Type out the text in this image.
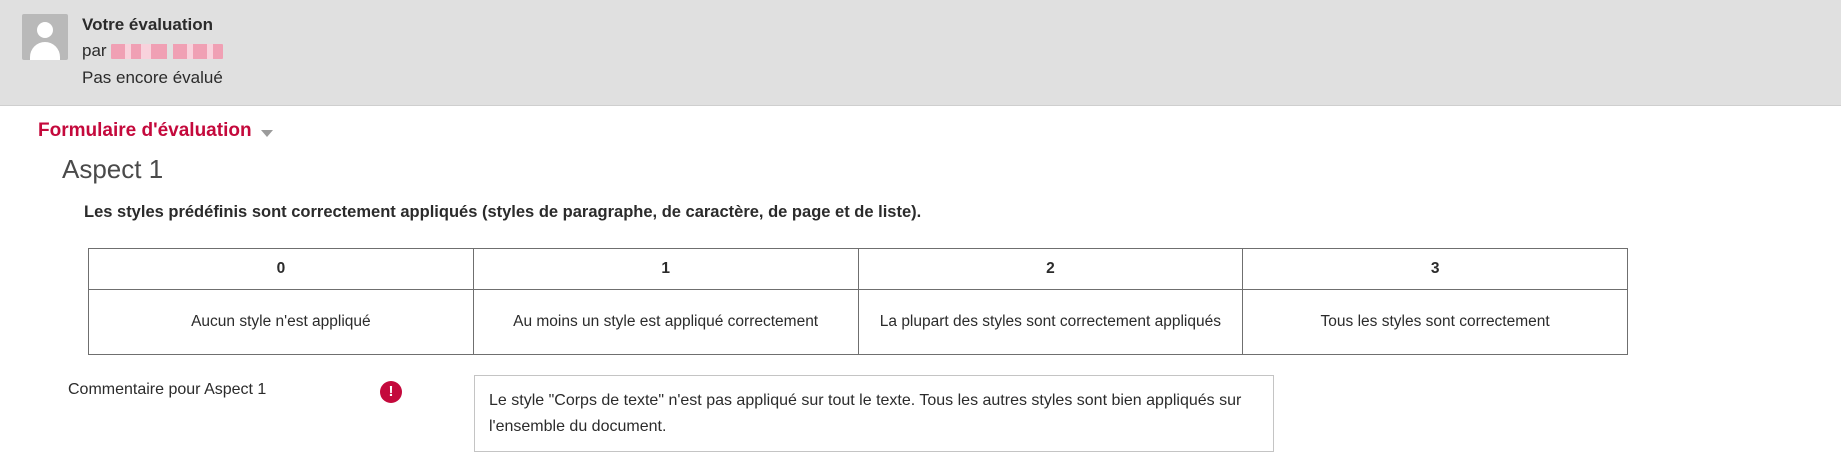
Votre évaluation
par
Pas encore évalué
Formulaire d'évaluation
Aspect 1
Les styles prédéfinis sont correctement appliqués (styles de paragraphe, de caractère, de page et de liste).
0	1	2	3
Aucun style n'est appliqué	Au moins un style est appliqué correctement	La plupart des styles sont correctement appliqués	Tous les styles sont correctement
Commentaire pour Aspect 1	!
Le style "Corps de texte" n'est pas appliqué sur tout le texte. Tous les autres styles sont bien appliqués sur l'ensemble du document.
